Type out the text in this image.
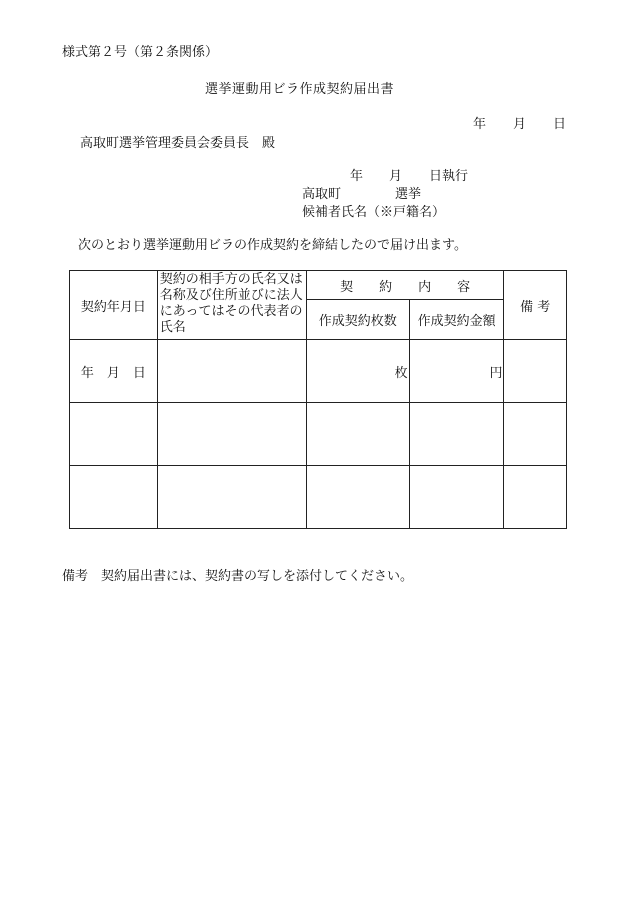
様式第２号（第２条関係）
選挙運動用ビラ作成契約届出書
年 月 日
高取町選挙管理委員会委員長　殿
年 月 日執行
高取町	選挙
候補者氏名（※戸籍名）
次のとおり選挙運動用ビラの作成契約を締結したので届け出ます。
契約年月日	契約の相手方の氏名又は名称及び住所並びに法人にあってはその代表者の氏名	契　　約　　内　　容		備 考
		作成契約枚数	作成契約金額	
年　月　日		枚	円	

備考　契約届出書には、契約書の写しを添付してください。
